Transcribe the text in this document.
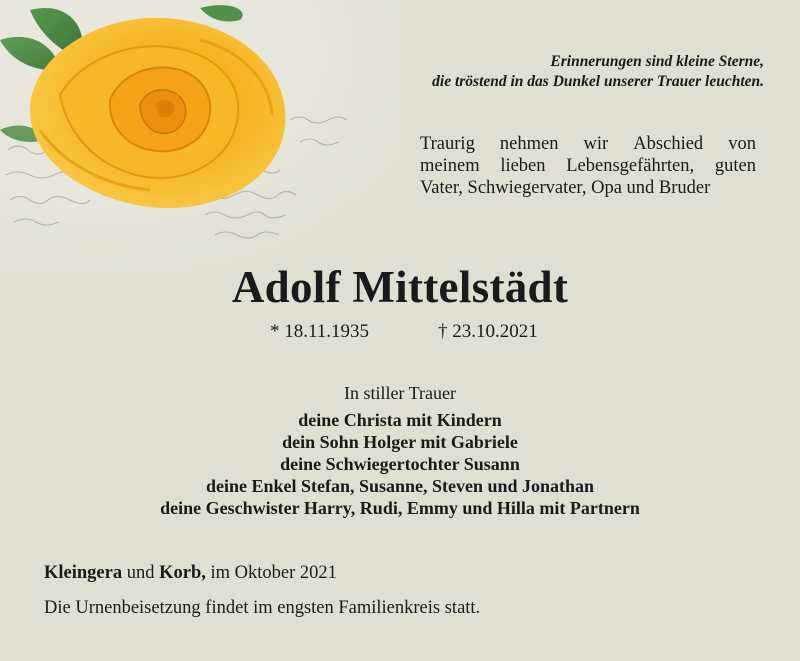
Erinnerungen sind kleine Sterne,
die tröstend in das Dunkel unserer Trauer leuchten.
Traurig nehmen wir Abschied von
meinem lieben Lebensgefährten, guten
Vater, Schwiegervater, Opa und Bruder
Adolf Mittelstädt
* 18.11.1935	† 23.10.2021
In stiller Trauer
deine Christa mit Kindern
dein Sohn Holger mit Gabriele
deine Schwiegertochter Susann
deine Enkel Stefan, Susanne, Steven und Jonathan
deine Geschwister Harry, Rudi, Emmy und Hilla mit Partnern
Kleingera und Korb, im Oktober 2021
Die Urnenbeisetzung findet im engsten Familienkreis statt.
